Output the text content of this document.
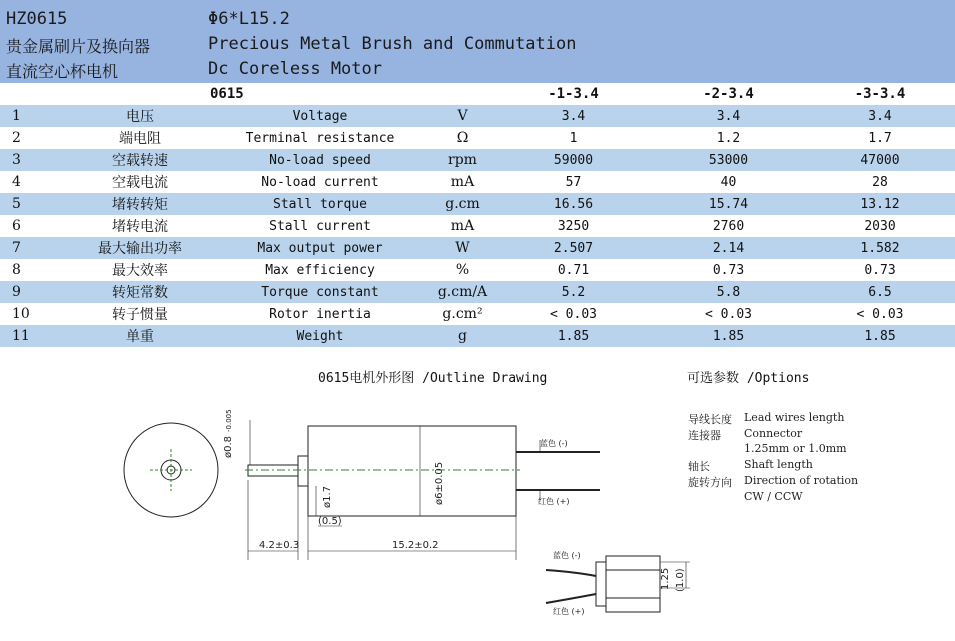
HZ0615	Φ6*L15.2
贵金属刷片及换向器	Precious Metal Brush and Commutation
直流空心杯电机	Dc Coreless Motor
		0615		-1-3.4	-2-3.4	-3-3.4
1	电压	Voltage	V	3.4	3.4	3.4
2	端电阻	Terminal resistance	Ω	1	1.2	1.7
3	空载转速	No-load speed	rpm	59000	53000	47000
4	空载电流	No-load current	mA	57	40	28
5	堵转转矩	Stall torque	g.cm	16.56	15.74	13.12
6	堵转电流	Stall current	mA	3250	2760	2030
7	最大输出功率	Max output power	W	2.507	2.14	1.582
8	最大效率	Max efficiency	%	0.71	0.73	0.73
9	转矩常数	Torque constant	g.cm/A	5.2	5.8	6.5
10	转子惯量	Rotor inertia	g.cm²	< 0.03	< 0.03	< 0.03
11	单重	Weight	g	1.85	1.85	1.85
0615电机外形图 /Outline Drawing	可选参数 /Options
导线长度 Lead wires length
连接器 Connector
1.25mm or 1.0mm
轴长	Shaft length
旋转方向 Direction of rotation
CW / CCW
ø0.8
-0.005
ø1.7	ø6±0.05
(0.5)
4.2±0.3	15.2±0.2
蓝色 (-)
红色 (+)
蓝色 (-)
红色 (+)
1.25 (1.0)
